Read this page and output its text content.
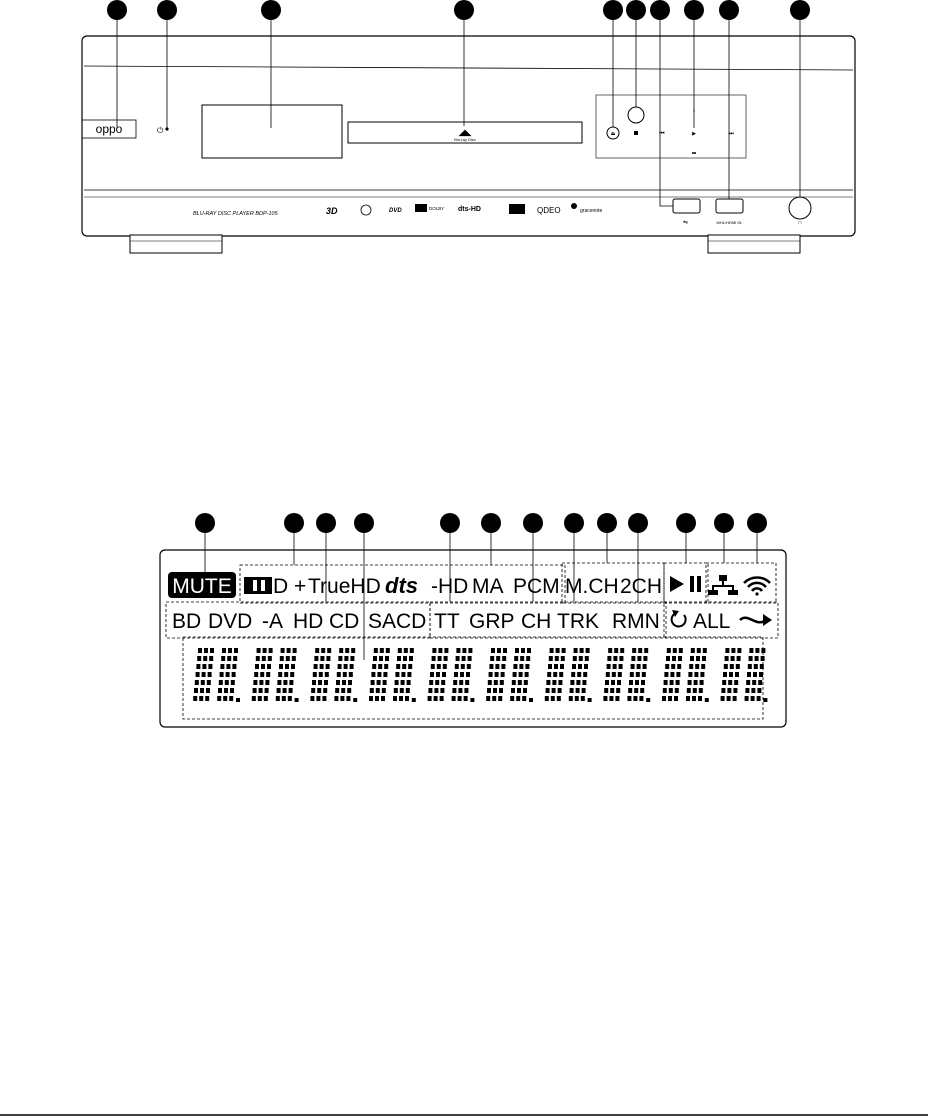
oppo	⏻	◢◣
Blu-ray Disc
⏏	⏮	▶	⏭
BLU-RAY DISC PLAYER BDP-105	3D	DVD	DOLBY dts-HD	QDEO	gracenote
⇋	MHL/HDMI IN	∩
MUTE D + TrueHD dts -HD MA PCM M.CH 2CH
BD DVD -A HD CD SACD TT GRP CH TRK RMN ALL
